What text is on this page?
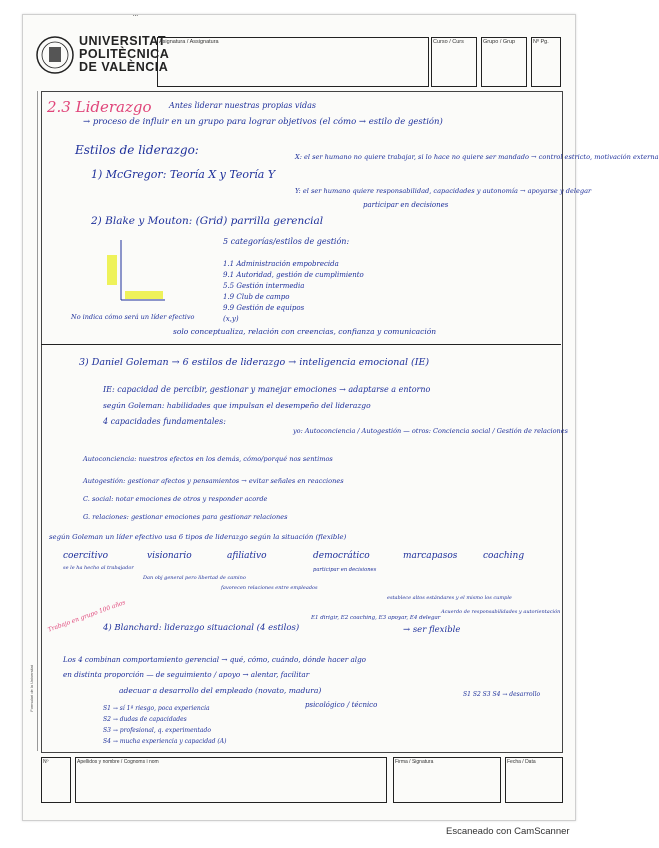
...
UNIVERSITAT
POLITÈCNICA
DE VALÈNCIA
Asignatura / Assignatura	Curso / Curs	Grupo / Grup	Nº Pg.
Formulari de la Universitat
2.3 Liderazgo Antes liderar nuestras propias vidas
→ proceso de influir en un grupo para lograr objetivos (el cómo → estilo de gestión)
Estilos de liderazgo:
1) McGregor: Teoría X y Teoría Y
X: el ser humano no quiere trabajar, si lo hace no quiere ser mandado → control estricto, motivación externa
Y: el ser humano quiere responsabilidad, capacidades y autonomía → apoyarse y delegar
participar en decisiones
2) Blake y Mouton: (Grid) parrilla gerencial
5 categorías/estilos de gestión:
1.1 Administración empobrecida
9.1 Autoridad, gestión de cumplimiento
5.5 Gestión intermedia
1.9 Club de campo
9.9 Gestión de equipos
(x,y)
No indica cómo será un líder efectivo
solo conceptualiza, relación con creencias, confianza y comunicación
3) Daniel Goleman → 6 estilos de liderazgo → inteligencia emocional (IE)
IE: capacidad de percibir, gestionar y manejar emociones → adaptarse a entorno
según Goleman: habilidades que impulsan el desempeño del liderazgo
4 capacidades fundamentales:
yo: Autoconciencia / Autogestión — otros: Conciencia social / Gestión de relaciones
Autoconciencia: nuestros efectos en los demás, cómo/porqué nos sentimos
Autogestión: gestionar afectos y pensamientos → evitar señales en reacciones
C. social: notar emociones de otros y responder acorde
G. relaciones: gestionar emociones para gestionar relaciones
según Goleman un líder efectivo usa 6 tipos de liderazgo según la situación (flexible)
coercitivo
se le ha hecho al trabajador
visionario
Dan obj general pero libertad de camino
afiliativo
favorecen relaciones entre empleados
democrático
participar en decisiones
marcapasos
establece altos estándares y el mismo los cumple
coaching
Acuerdo de responsabilidades y autorientación
Trabajo en grupo 100 años
4) Blanchard: liderazgo situacional (4 estilos)
E1 dirigir, E2 coaching, E3 apoyar, E4 delegar
→ ser flexible
Los 4 combinan comportamiento gerencial → qué, cómo, cuándo, dónde hacer algo
en distinta proporción — de seguimiento / apoyo → alentar, facilitar
adecuar a desarrollo del empleado (novato, madura)
psicológico / técnico
S1 → sí 1ª riesgo, poca experiencia
S2 → dudas de capacidades
S3 → profesional, q. experimentado
S4 → mucha experiencia y capacidad (A)
S1 S2 S3 S4 → desarrollo
Nº	Apellidos y nombre / Cognoms i nom	Firma / Signatura	Fecha / Data
Escaneado con CamScanner
